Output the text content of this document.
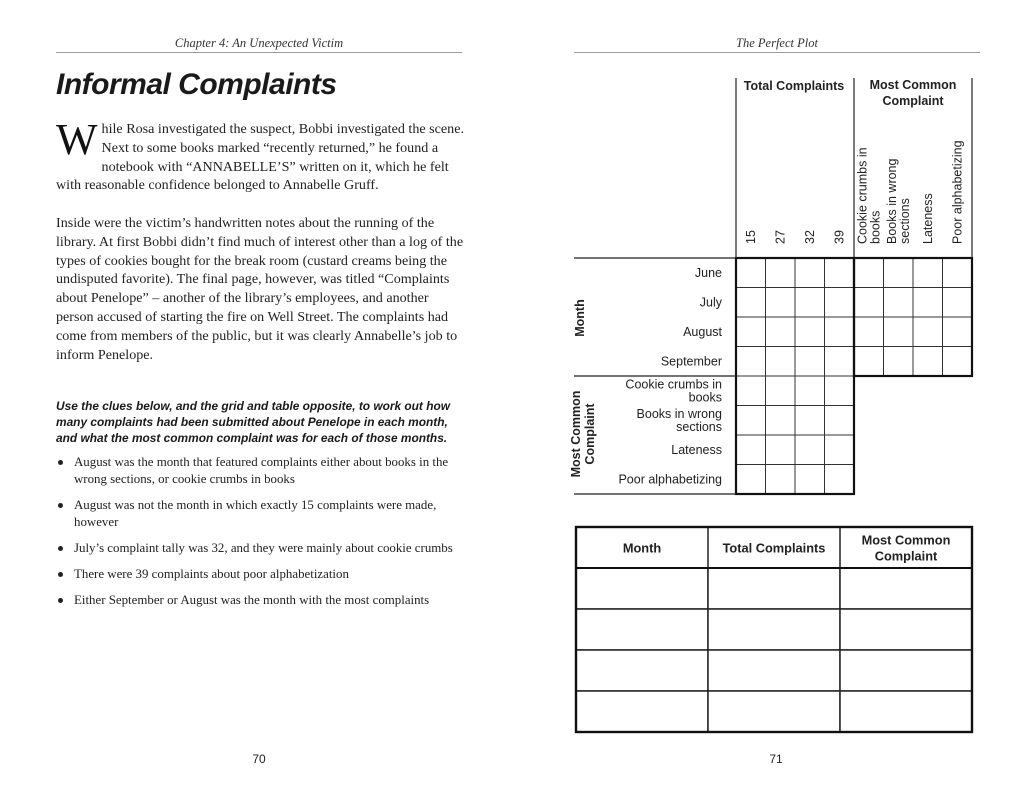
Chapter 4: An Unexpected Victim
Informal Complaints

While Rosa investigated the suspect, Bobbi investigated the scene. Next to some books marked “recently returned,” he found a notebook with “ANNABELLE’S” written on it, which he felt with reasonable confidence belonged to Annabelle Gruff.

Inside were the victim’s handwritten notes about the running of the library. At first Bobbi didn’t find much of interest other than a log of the types of cookies bought for the break room (custard creams being the undisputed favorite). The final page, however, was titled “Complaints about Penelope” – another of the library’s employees, and another person accused of starting the fire on Well Street. The complaints had come from members of the public, but it was clearly Annabelle’s job to inform Penelope.

Use the clues below, and the grid and table opposite, to work out how many complaints had been submitted about Penelope in each month, and what the most common complaint was for each of those months.

August was the month that featured complaints either about books in the wrong sections, or cookie crumbs in books
August was not the month in which exactly 15 complaints were made, however
July’s complaint tally was 32, and they were mainly about cookie crumbs
There were 39 complaints about poor alphabetization
Either September or August was the month with the most complaints
70
The Perfect Plot
Total Complaints Most Common
Complaint
15 27 32 39 Cookie crumbs in books Books in wrong sections Lateness Poor alphabetizing
Month
Most Common Complaint
June
July
August
September
Cookie crumbs in
books
Books in wrong
sections
Lateness
Poor alphabetizing
Month	Total Complaints
Most Common
Complaint
71
